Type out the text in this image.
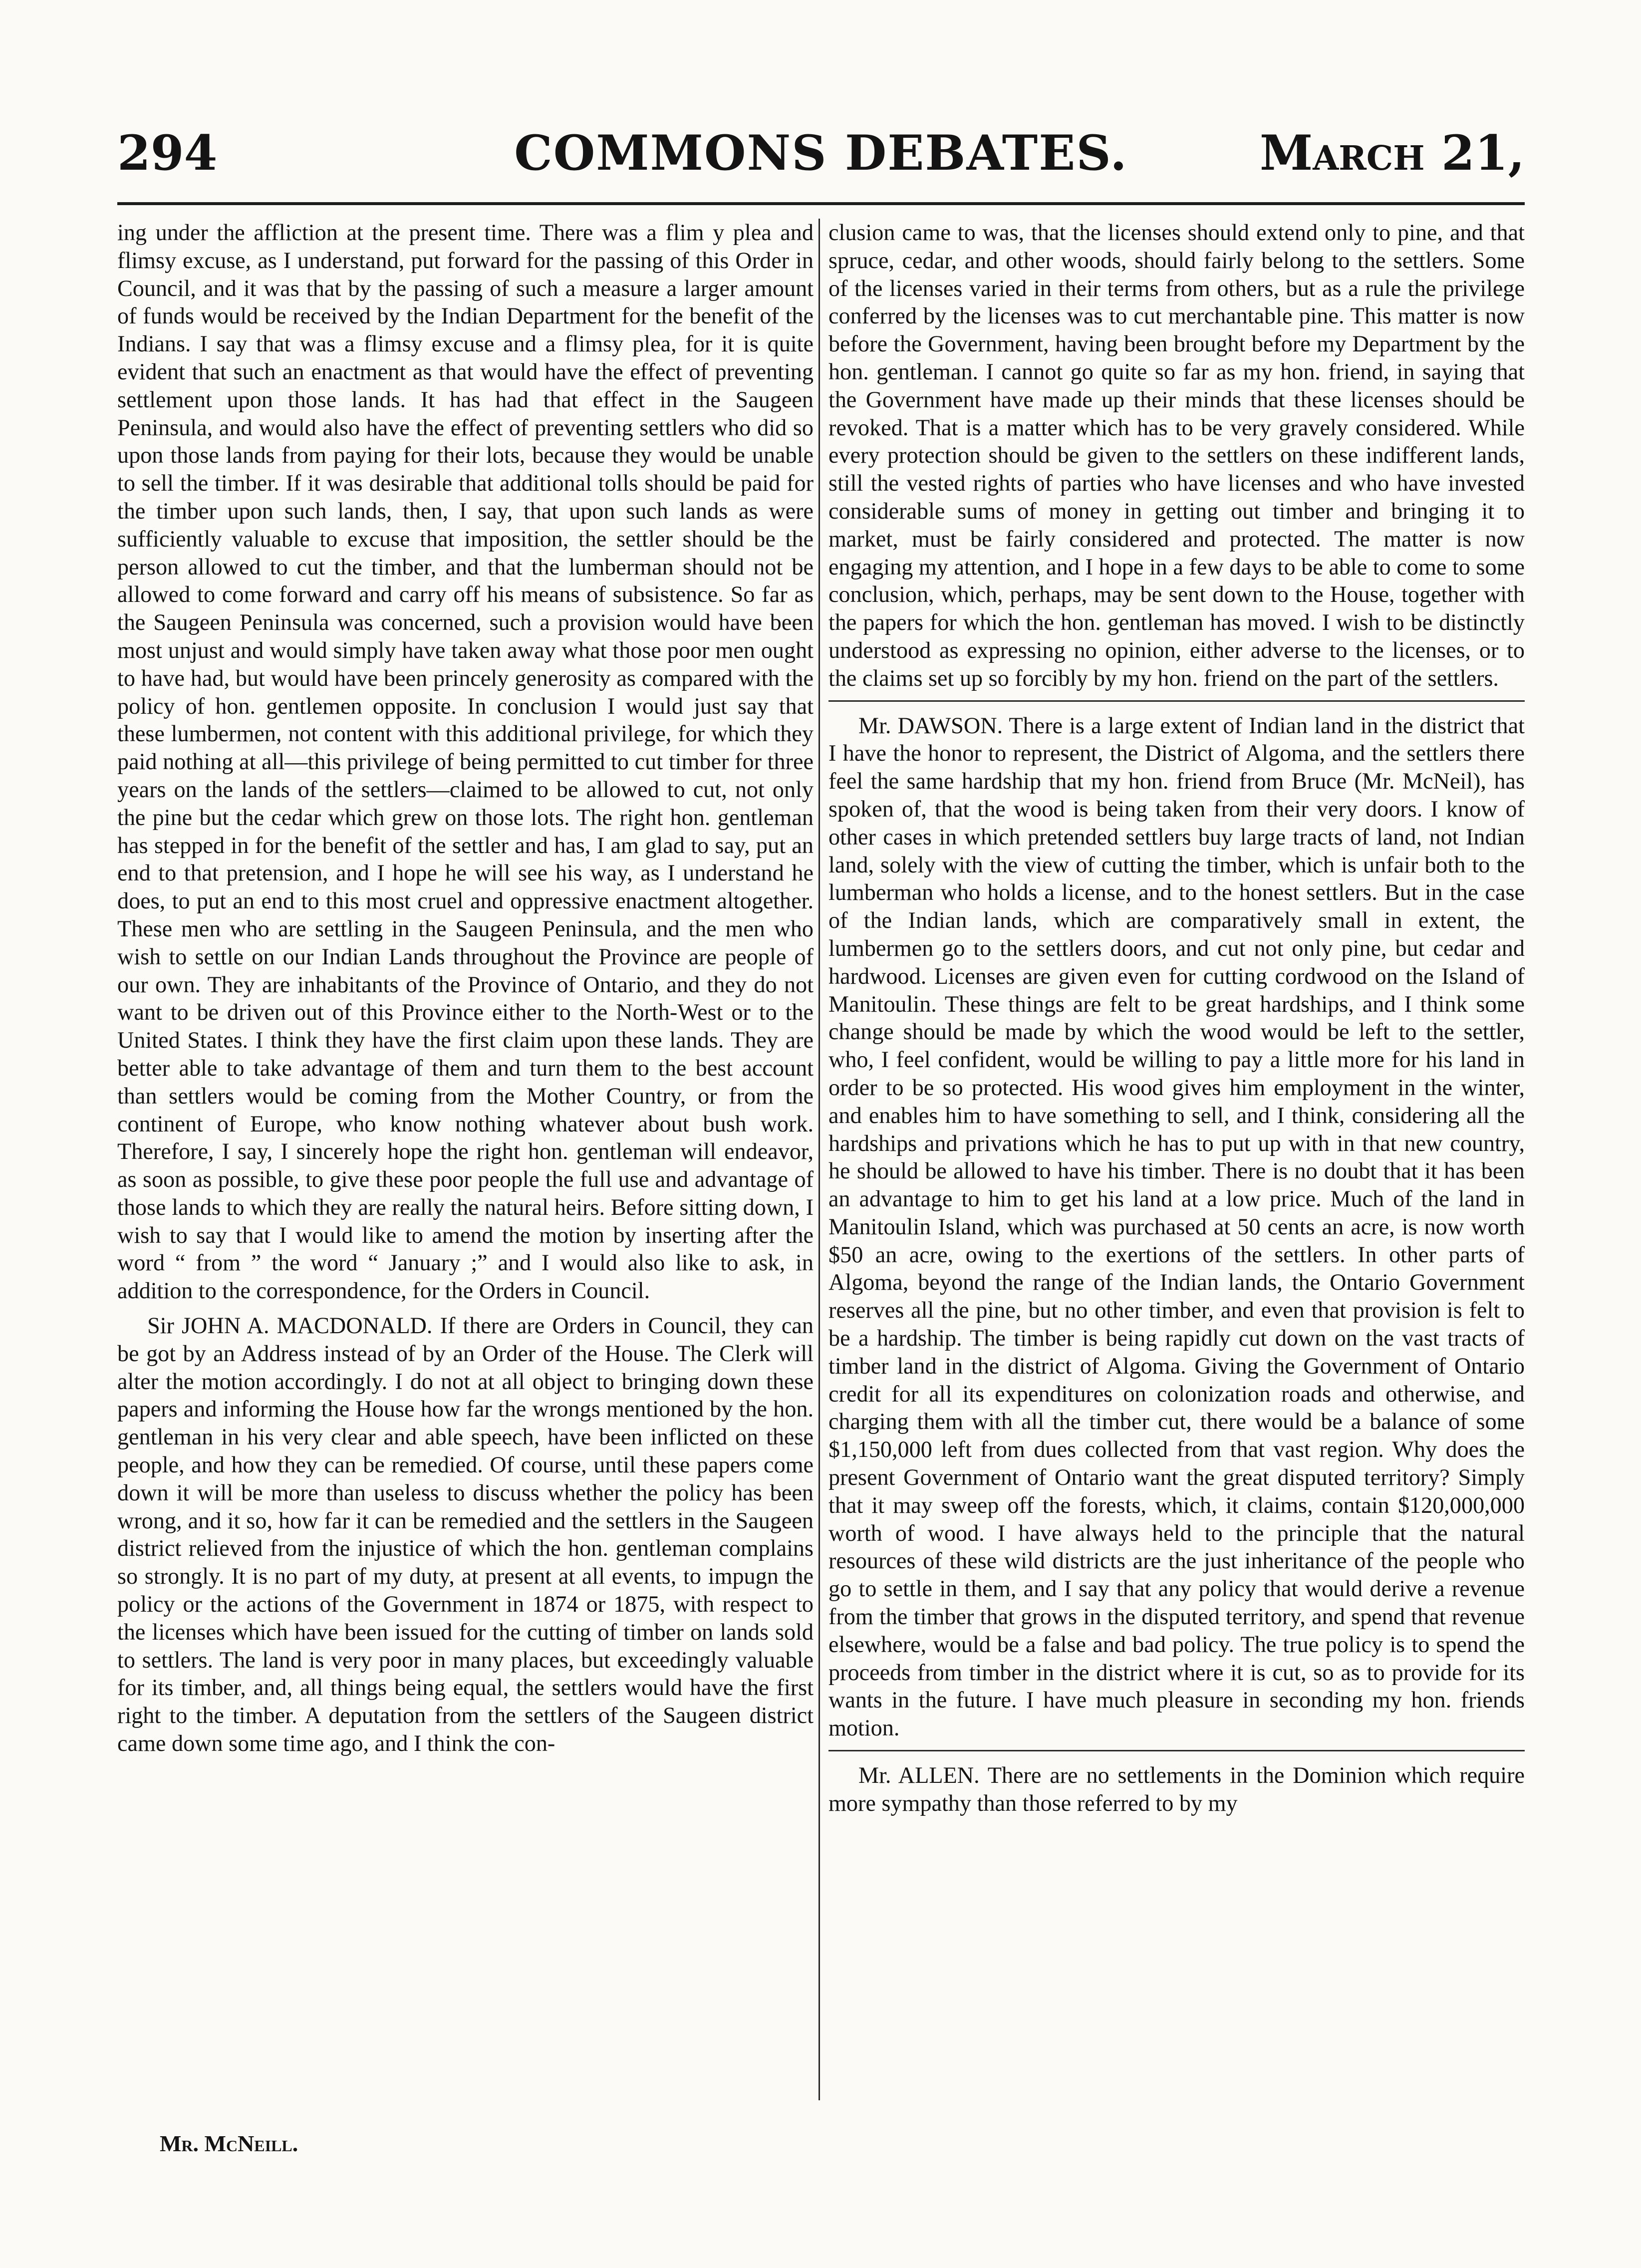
294	COMMONS DEBATES.	March 21,

ing under the affliction at the present time. There was a flim y plea and flimsy excuse, as I understand, put forward for the passing of this Order in Council, and it was that by the passing of such a measure a larger amount of funds would be received by the Indian Department for the benefit of the Indians. I say that was a flimsy excuse and a flimsy plea, for it is quite evident that such an enactment as that would have the effect of preventing settlement upon those lands. It has had that effect in the Saugeen Peninsula, and would also have the effect of preventing settlers who did so upon those lands from paying for their lots, because they would be unable to sell the timber. If it was desirable that additional tolls should be paid for the timber upon such lands, then, I say, that upon such lands as were sufficiently valuable to excuse that imposition, the settler should be the person allowed to cut the timber, and that the lumberman should not be allowed to come forward and carry off his means of subsistence. So far as the Saugeen Peninsula was concerned, such a provision would have been most unjust and would simply have taken away what those poor men ought to have had, but would have been princely generosity as compared with the policy of hon. gentlemen opposite. In conclusion I would just say that these lumbermen, not content with this additional privilege, for which they paid nothing at all—this privilege of being permitted to cut timber for three years on the lands of the settlers—claimed to be allowed to cut, not only the pine but the cedar which grew on those lots. The right hon. gentleman has stepped in for the benefit of the settler and has, I am glad to say, put an end to that pretension, and I hope he will see his way, as I understand he does, to put an end to this most cruel and oppressive enactment altogether. These men who are settling in the Saugeen Peninsula, and the men who wish to settle on our Indian Lands throughout the Province are people of our own. They are inhabitants of the Province of Ontario, and they do not want to be driven out of this Province either to the North-West or to the United States. I think they have the first claim upon these lands. They are better able to take advantage of them and turn them to the best account than settlers would be coming from the Mother Country, or from the continent of Europe, who know nothing whatever about bush work. Therefore, I say, I sincerely hope the right hon. gentleman will endeavor, as soon as possible, to give these poor people the full use and advantage of those lands to which they are really the natural heirs. Before sitting down, I wish to say that I would like to amend the motion by inserting after the word “ from ” the word “ January ;” and I would also like to ask, in addition to the correspondence, for the Orders in Council.

Sir JOHN A. MACDONALD. If there are Orders in Council, they can be got by an Address instead of by an Order of the House. The Clerk will alter the motion accordingly. I do not at all object to bringing down these papers and informing the House how far the wrongs mentioned by the hon. gentleman in his very clear and able speech, have been inflicted on these people, and how they can be remedied. Of course, until these papers come down it will be more than useless to discuss whether the policy has been wrong, and it so, how far it can be remedied and the settlers in the Saugeen district relieved from the injustice of which the hon. gentleman complains so strongly. It is no part of my duty, at present at all events, to impugn the policy or the actions of the Government in 1874 or 1875, with respect to the licenses which have been issued for the cutting of timber on lands sold to settlers. The land is very poor in many places, but exceedingly valuable for its timber, and, all things being equal, the settlers would have the first right to the timber. A deputation from the settlers of the Saugeen district came down some time ago, and I think the con-

clusion came to was, that the licenses should extend only to pine, and that spruce, cedar, and other woods, should fairly belong to the settlers. Some of the licenses varied in their terms from others, but as a rule the privilege conferred by the licenses was to cut merchantable pine. This matter is now before the Government, having been brought before my Department by the hon. gentleman. I cannot go quite so far as my hon. friend, in saying that the Government have made up their minds that these licenses should be revoked. That is a matter which has to be very gravely considered. While every protection should be given to the settlers on these indifferent lands, still the vested rights of parties who have licenses and who have invested considerable sums of money in getting out timber and bringing it to market, must be fairly considered and protected. The matter is now engaging my attention, and I hope in a few days to be able to come to some conclusion, which, perhaps, may be sent down to the House, together with the papers for which the hon. gentleman has moved. I wish to be distinctly understood as expressing no opinion, either adverse to the licenses, or to the claims set up so forcibly by my hon. friend on the part of the settlers.

Mr. DAWSON. There is a large extent of Indian land in the district that I have the honor to represent, the District of Algoma, and the settlers there feel the same hardship that my hon. friend from Bruce (Mr. McNeil), has spoken of, that the wood is being taken from their very doors. I know of other cases in which pretended settlers buy large tracts of land, not Indian land, solely with the view of cutting the timber, which is unfair both to the lumberman who holds a license, and to the honest settlers. But in the case of the Indian lands, which are comparatively small in extent, the lumbermen go to the settlers doors, and cut not only pine, but cedar and hardwood. Licenses are given even for cutting cordwood on the Island of Manitoulin. These things are felt to be great hardships, and I think some change should be made by which the wood would be left to the settler, who, I feel confident, would be willing to pay a little more for his land in order to be so protected. His wood gives him employment in the winter, and enables him to have something to sell, and I think, considering all the hardships and privations which he has to put up with in that new country, he should be allowed to have his timber. There is no doubt that it has been an advantage to him to get his land at a low price. Much of the land in Manitoulin Island, which was purchased at 50 cents an acre, is now worth $50 an acre, owing to the exertions of the settlers. In other parts of Algoma, beyond the range of the Indian lands, the Ontario Government reserves all the pine, but no other timber, and even that provision is felt to be a hardship. The timber is being rapidly cut down on the vast tracts of timber land in the district of Algoma. Giving the Government of Ontario credit for all its expenditures on colonization roads and otherwise, and charging them with all the timber cut, there would be a balance of some $1,150,000 left from dues collected from that vast region. Why does the present Government of Ontario want the great disputed territory? Simply that it may sweep off the forests, which, it claims, contain $120,000,000 worth of wood. I have always held to the principle that the natural resources of these wild districts are the just inheritance of the people who go to settle in them, and I say that any policy that would derive a revenue from the timber that grows in the disputed territory, and spend that revenue elsewhere, would be a false and bad policy. The true policy is to spend the proceeds from timber in the district where it is cut, so as to provide for its wants in the future. I have much pleasure in seconding my hon. friends motion.

Mr. ALLEN. There are no settlements in the Dominion which require more sympathy than those referred to by my

Mr. McNeill.
